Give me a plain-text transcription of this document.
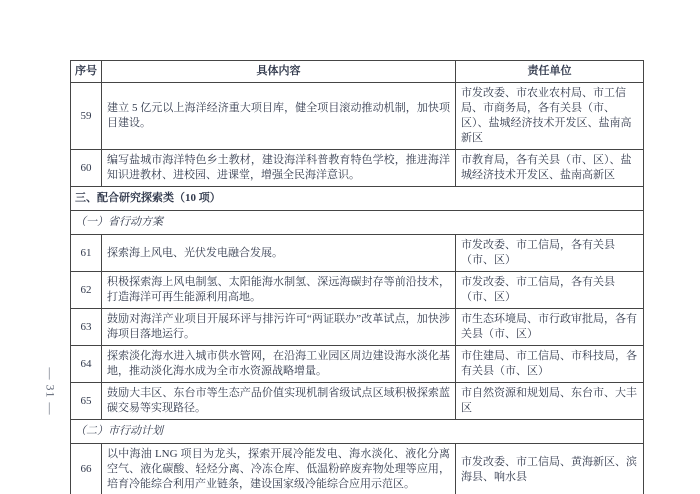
— 31 —
序号	具体内容	责任单位
59	建立 5 亿元以上海洋经济重大项目库，健全项目滚动推动机制，加快项目建设。	市发改委、市农业农村局、市工信局、市商务局，各有关县（市、区）、盐城经济技术开发区、盐南高新区
60	编写盐城市海洋特色乡土教材，建设海洋科普教育特色学校，推进海洋知识进教材、进校园、进课堂，增强全民海洋意识。	市教育局，各有关县（市、区）、盐城经济技术开发区、盐南高新区
三、配合研究探索类（10 项）		
（一）省行动方案		
61	探索海上风电、光伏发电融合发展。	市发改委、市工信局，各有关县（市、区）
62	积极探索海上风电制氢、太阳能海水制氢、深远海碳封存等前沿技术，打造海洋可再生能源利用高地。	市发改委、市工信局，各有关县（市、区）
63	鼓励对海洋产业项目开展环评与排污许可“两证联办”改革试点，加快涉海项目落地运行。	市生态环境局、市行政审批局，各有关县（市、区）
64	探索淡化海水进入城市供水管网，在沿海工业园区周边建设海水淡化基地，推动淡化海水成为全市水资源战略增量。	市住建局、市工信局、市科技局，各有关县（市、区）
65	鼓励大丰区、东台市等生态产品价值实现机制省级试点区域积极探索蓝碳交易等实现路径。	市自然资源和规划局、东台市、大丰区
（二）市行动计划		
66	以中海油 LNG 项目为龙头，探索开展冷能发电、海水淡化、液化分离空气、液化碳酸、轻烃分离、冷冻仓库、低温粉碎废弃物处理等应用，培育冷能综合利用产业链条，建设国家级冷能综合应用示范区。	市发改委、市工信局、黄海新区、滨海县、响水县
